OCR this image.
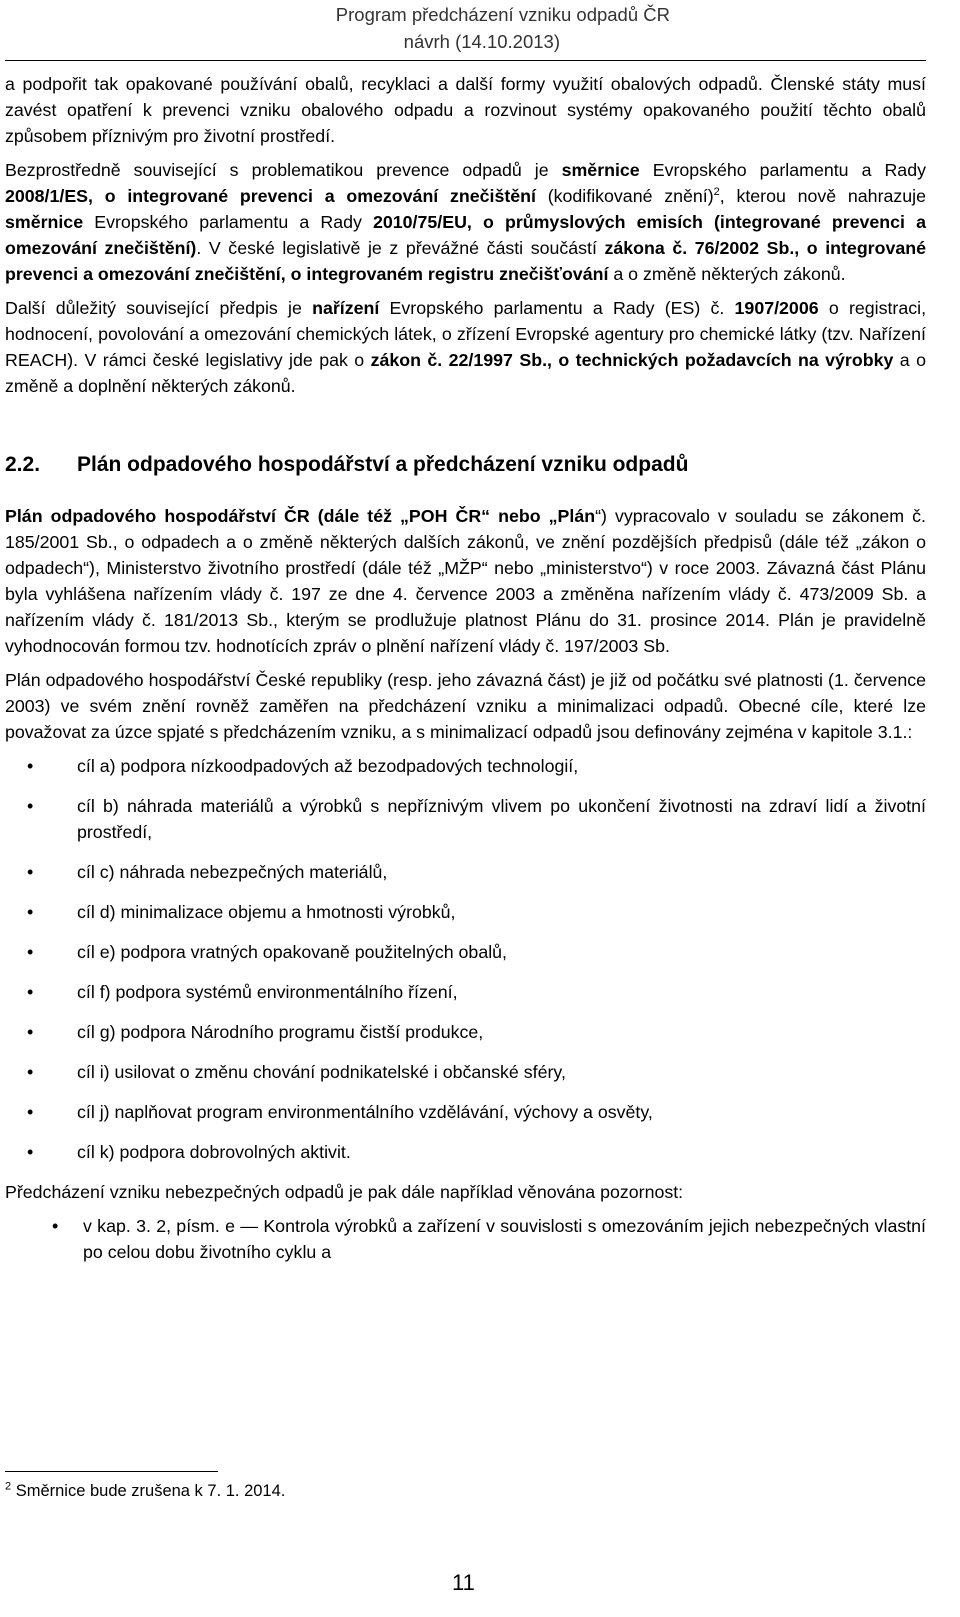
Program předcházení vzniku odpadů ČR
návrh (14.10.2013)

a podpořit tak opakované používání obalů, recyklaci a další formy využití obalových odpadů. Členské státy musí zavést opatření k prevenci vzniku obalového odpadu a rozvinout systémy opakovaného použití těchto obalů způsobem příznivým pro životní prostředí.

Bezprostředně související s problematikou prevence odpadů je směrnice Evropského parlamentu a Rady 2008/1/ES, o integrované prevenci a omezování znečištění (kodifikované znění)$^2$, kterou nově nahrazuje směrnice Evropského parlamentu a Rady 2010/75/EU, o průmyslových emisích (integrované prevenci a omezování znečištění). V české legislativě je z převážné části součástí zákona č. 76/2002 Sb., o integrované prevenci a omezování znečištění, o integrovaném registru znečišťování a o změně některých zákonů.

Další důležitý související předpis je nařízení Evropského parlamentu a Rady (ES) č. 1907/2006 o registraci, hodnocení, povolování a omezování chemických látek, o zřízení Evropské agentury pro chemické látky (tzv. Nařízení REACH). V rámci české legislativy jde pak o zákon č. 22/1997 Sb., o technických požadavcích na výrobky a o změně a doplnění některých zákonů.

2.2.	Plán odpadového hospodářství a předcházení vzniku odpadů

Plán odpadového hospodářství ČR (dále též „POH ČR“ nebo „Plán“) vypracovalo v souladu se zákonem č. 185/2001 Sb., o odpadech a o změně některých dalších zákonů, ve znění pozdějších předpisů (dále též „zákon o odpadech“), Ministerstvo životního prostředí (dále též „MŽP“ nebo „ministerstvo“) v roce 2003. Závazná část Plánu byla vyhlášena nařízením vlády č. 197 ze dne 4. července 2003 a změněna nařízením vlády č. 473/2009 Sb. a nařízením vlády č. 181/2013 Sb., kterým se prodlužuje platnost Plánu do 31. prosince 2014. Plán je pravidelně vyhodnocován formou tzv. hodnotících zpráv o plnění nařízení vlády č. 197/2003 Sb.

Plán odpadového hospodářství České republiky (resp. jeho závazná část) je již od počátku své platnosti (1. července 2003) ve svém znění rovněž zaměřen na předcházení vzniku a minimalizaci odpadů. Obecné cíle, které lze považovat za úzce spjaté s předcházením vzniku, a s minimalizací odpadů jsou definovány zejména v kapitole 3.1.:

• cíl a) podpora nízkoodpadových až bezodpadových technologií,
• cíl b) náhrada materiálů a výrobků s nepříznivým vlivem po ukončení životnosti na zdraví lidí a životní prostředí,
• cíl c) náhrada nebezpečných materiálů,
• cíl d) minimalizace objemu a hmotnosti výrobků,
• cíl e) podpora vratných opakovaně použitelných obalů,
• cíl f) podpora systémů environmentálního řízení,
• cíl g) podpora Národního programu čistší produkce,
• cíl i) usilovat o změnu chování podnikatelské i občanské sféry,
• cíl j) naplňovat program environmentálního vzdělávání, výchovy a osvěty,
• cíl k) podpora dobrovolných aktivit.

Předcházení vzniku nebezpečných odpadů je pak dále například věnována pozornost:

• v kap. 3. 2, písm. e — Kontrola výrobků a zařízení v souvislosti s omezováním jejich nebezpečných vlastní po celou dobu životního cyklu a
$^2$ Směrnice bude zrušena k 7. 1. 2014.
11
